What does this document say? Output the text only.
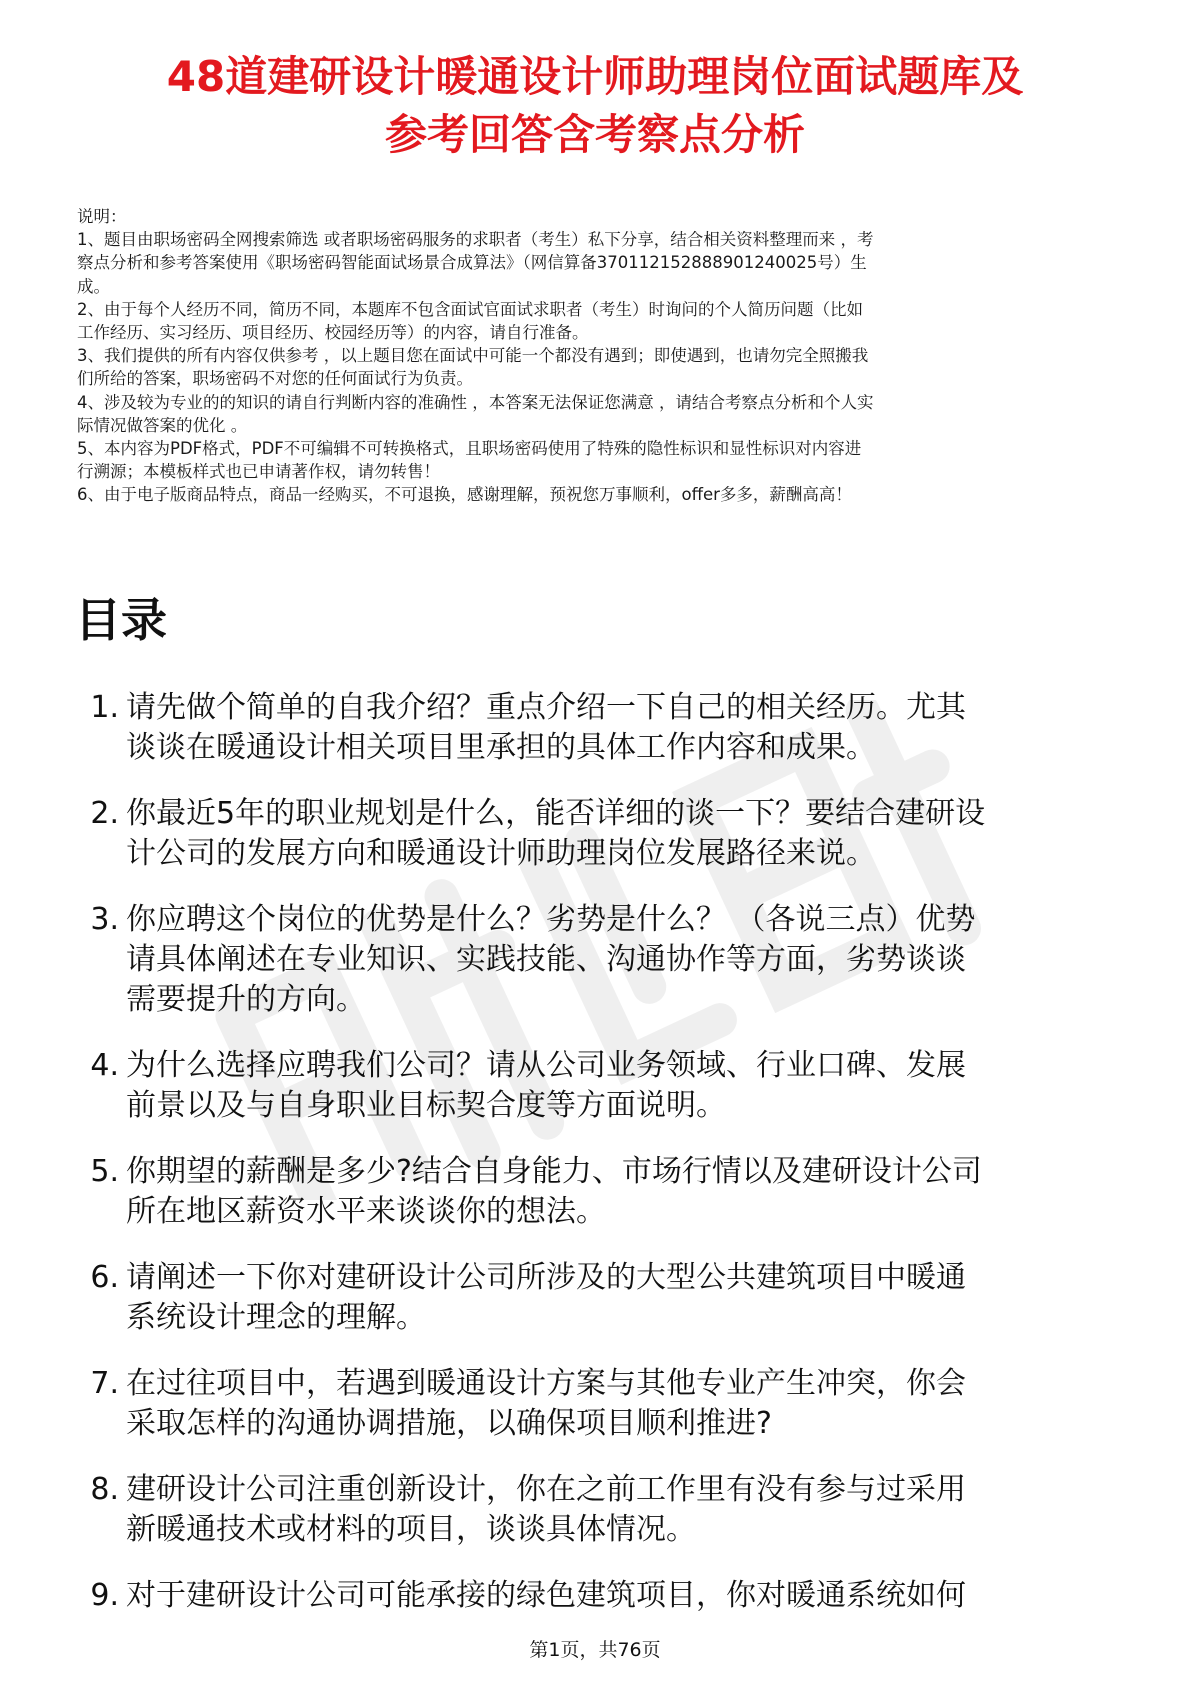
48道建研设计暖通设计师助理岗位面试题库及
参考回答含考察点分析
说明：
1、题目由职场密码全网搜索筛选 或者职场密码服务的求职者（考生）私下分享，结合相关资料整理而来 ，考
察点分析和参考答案使用《职场密码智能面试场景合成算法》（网信算备370112152888901240025号）生
成。
2、由于每个人经历不同，简历不同，本题库不包含面试官面试求职者（考生）时询问的个人简历问题（比如
工作经历、实习经历、项目经历、校园经历等）的内容，请自行准备。
3、我们提供的所有内容仅供参考 ，以上题目您在面试中可能一个都没有遇到；即使遇到，也请勿完全照搬我
们所给的答案，职场密码不对您的任何面试行为负责。
4、涉及较为专业的的知识的请自行判断内容的准确性 ，本答案无法保证您满意 ，请结合考察点分析和个人实
际情况做答案的优化 。
5、本内容为PDF格式，PDF不可编辑不可转换格式，且职场密码使用了特殊的隐性标识和显性标识对内容进
行溯源；本模板样式也已申请著作权，请勿转售！
6、由于电子版商品特点，商品一经购买，不可退换，感谢理解，预祝您万事顺利，offer多多，薪酬高高！
目录
1. 请先做个简单的自我介绍？重点介绍一下自己的相关经历。尤其
谈谈在暖通设计相关项目里承担的具体工作内容和成果。
2. 你最近5年的职业规划是什么，能否详细的谈一下？要结合建研设
计公司的发展方向和暖通设计师助理岗位发展路径来说。
3. 你应聘这个岗位的优势是什么？劣势是什么？ （各说三点）优势
请具体阐述在专业知识、实践技能、沟通协作等方面，劣势谈谈
需要提升的方向。
4. 为什么选择应聘我们公司？请从公司业务领域、行业口碑、发展
前景以及与自身职业目标契合度等方面说明。
5. 你期望的薪酬是多少?结合自身能力、市场行情以及建研设计公司
所在地区薪资水平来谈谈你的想法。
6. 请阐述一下你对建研设计公司所涉及的大型公共建筑项目中暖通
系统设计理念的理解。
7. 在过往项目中，若遇到暖通设计方案与其他专业产生冲突，你会
采取怎样的沟通协调措施，以确保项目顺利推进?
8. 建研设计公司注重创新设计，你在之前工作里有没有参与过采用
新暖通技术或材料的项目，谈谈具体情况。
9. 对于建研设计公司可能承接的绿色建筑项目，你对暖通系统如何
第1页，共76页
